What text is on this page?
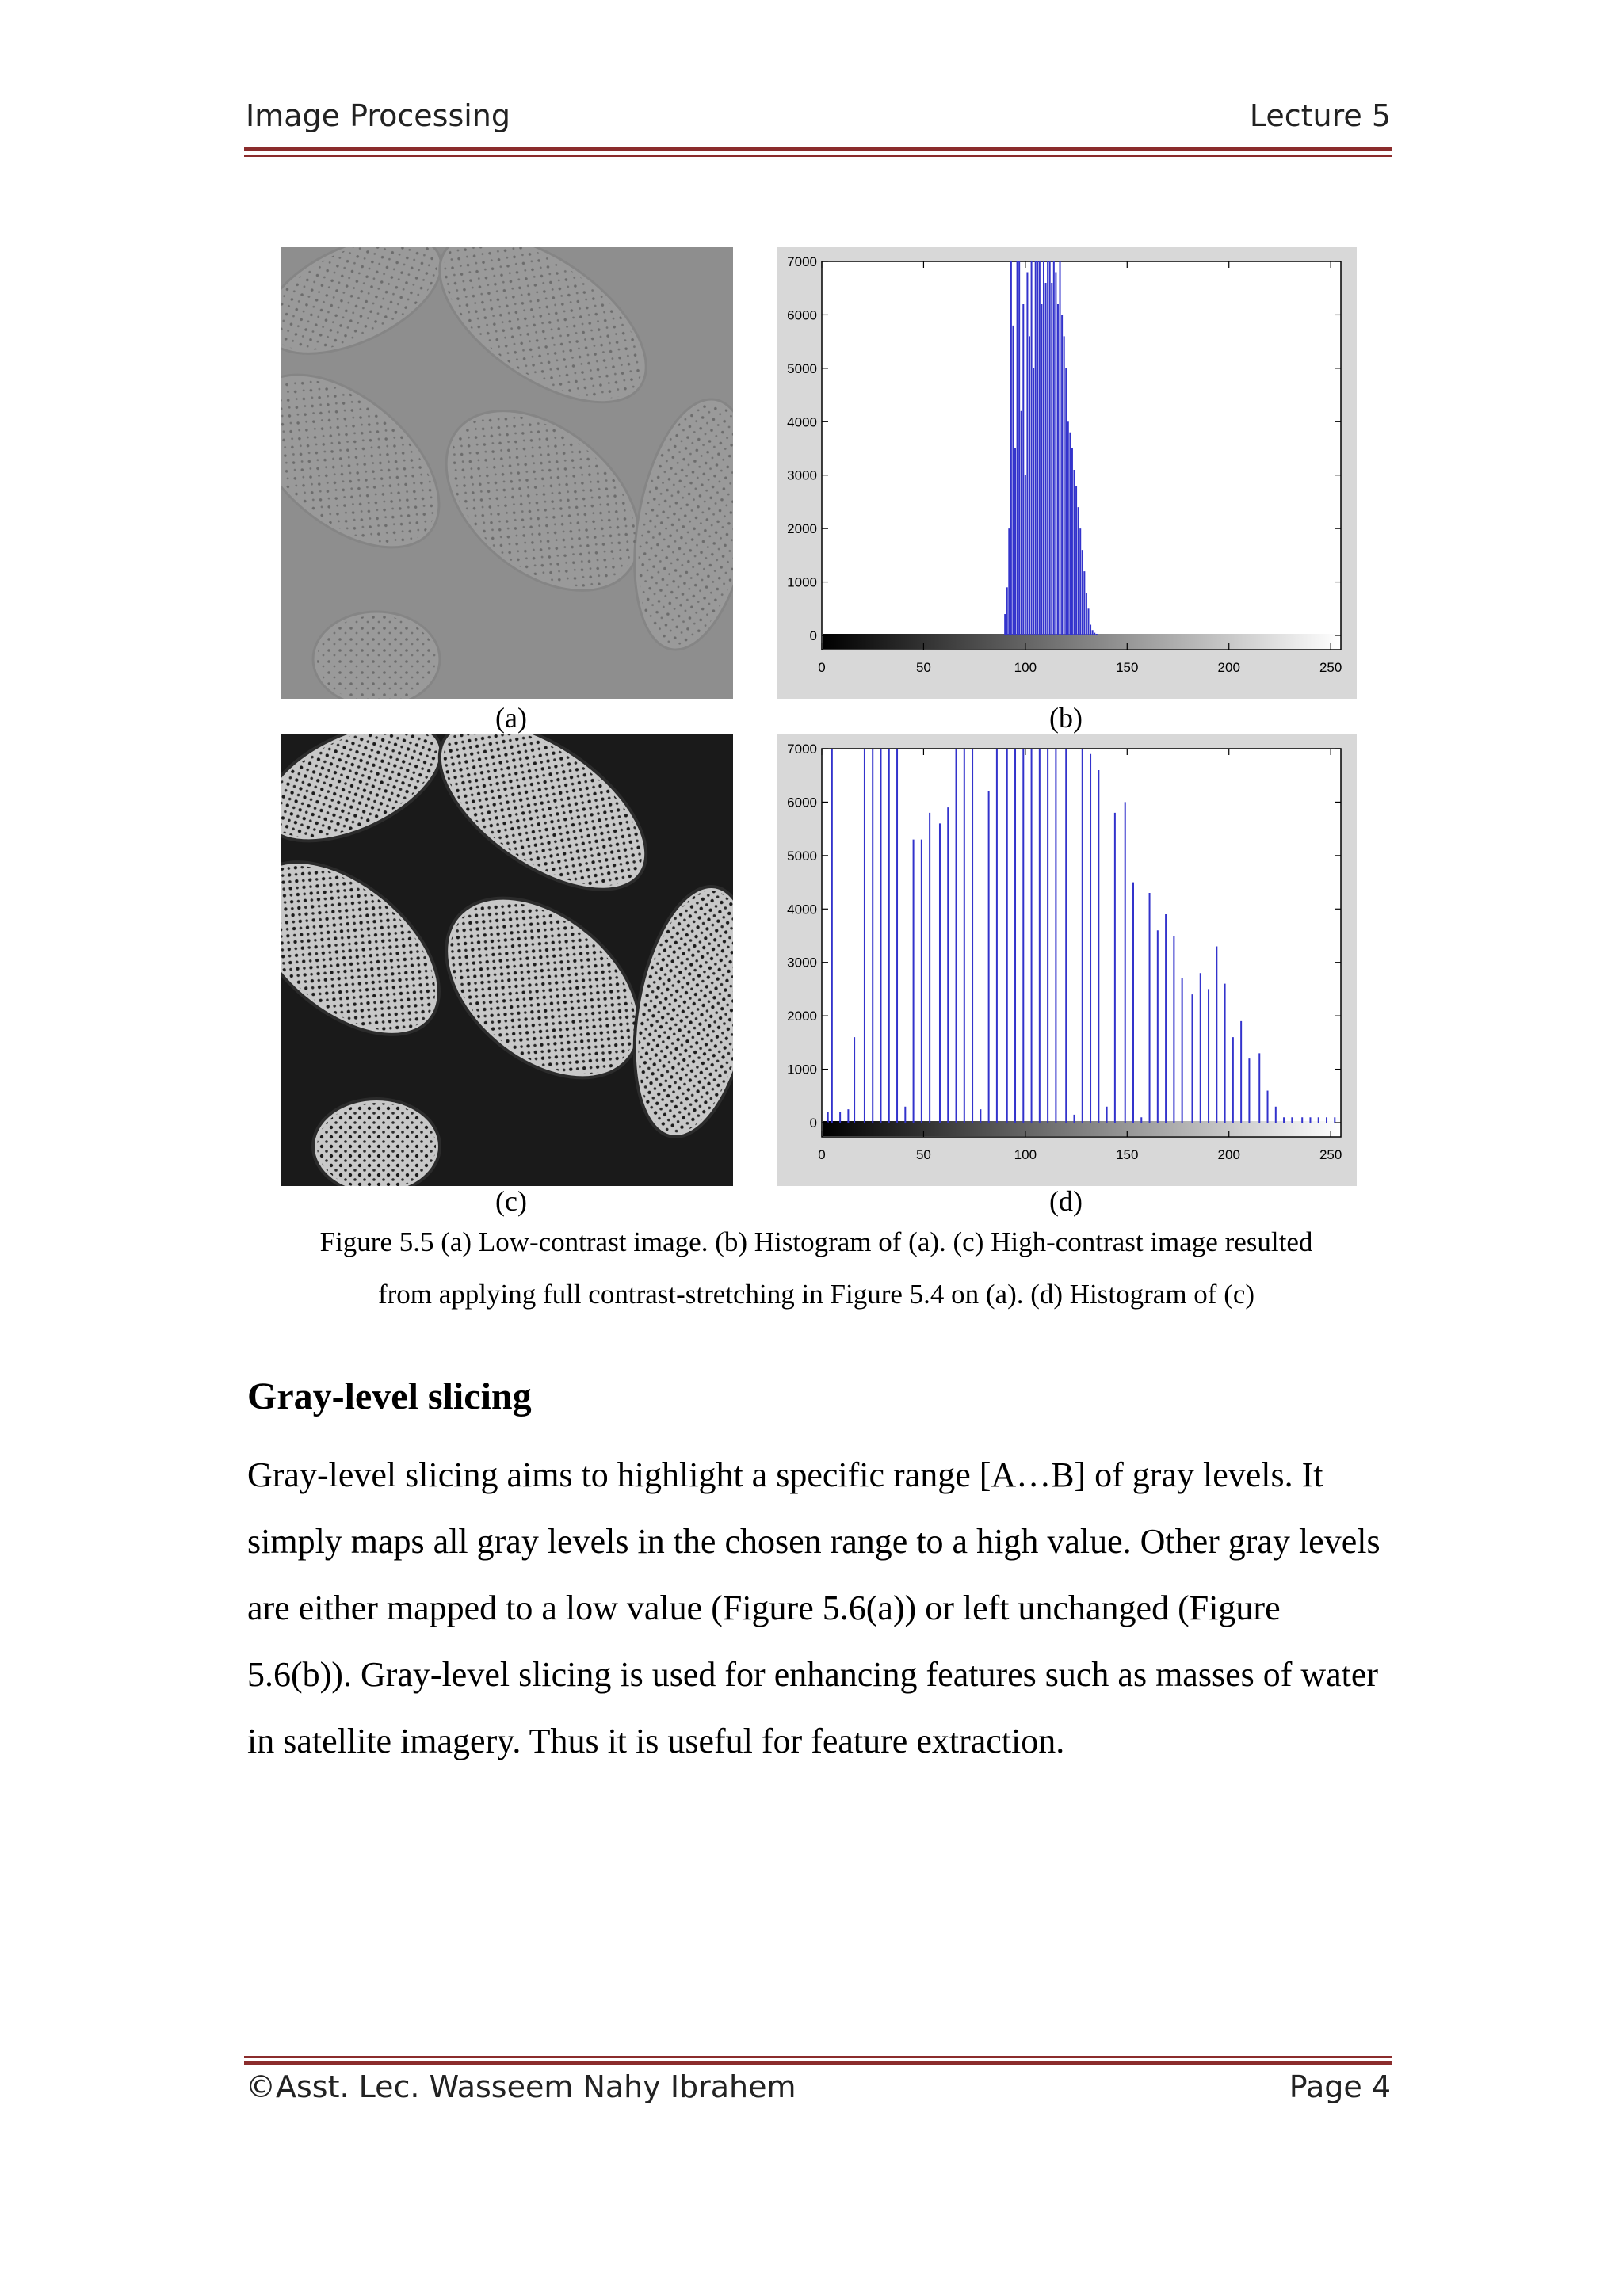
Image Processing	Lecture 5
(a)
0
1000
2000
3000
4000
5000
6000
7000
0	50	100	150	200	250
(b)
(c)
0
1000
2000
3000
4000
5000
6000
7000
0	50	100	150	200	250
(d)
Figure 5.5 (a) Low-contrast image. (b) Histogram of (a). (c) High-contrast image resulted
from applying full contrast-stretching in Figure 5.4 on (a). (d) Histogram of (c)
Gray-level slicing

Gray-level slicing aims to highlight a specific range [A…B] of gray levels. It simply maps all gray levels in the chosen range to a high value. Other gray levels are either mapped to a low value (Figure 5.6(a)) or left unchanged (Figure 5.6(b)). Gray-level slicing is used for enhancing features such as masses of water in satellite imagery. Thus it is useful for feature extraction.

©Asst. Lec. Wasseem Nahy Ibrahem	Page 4
